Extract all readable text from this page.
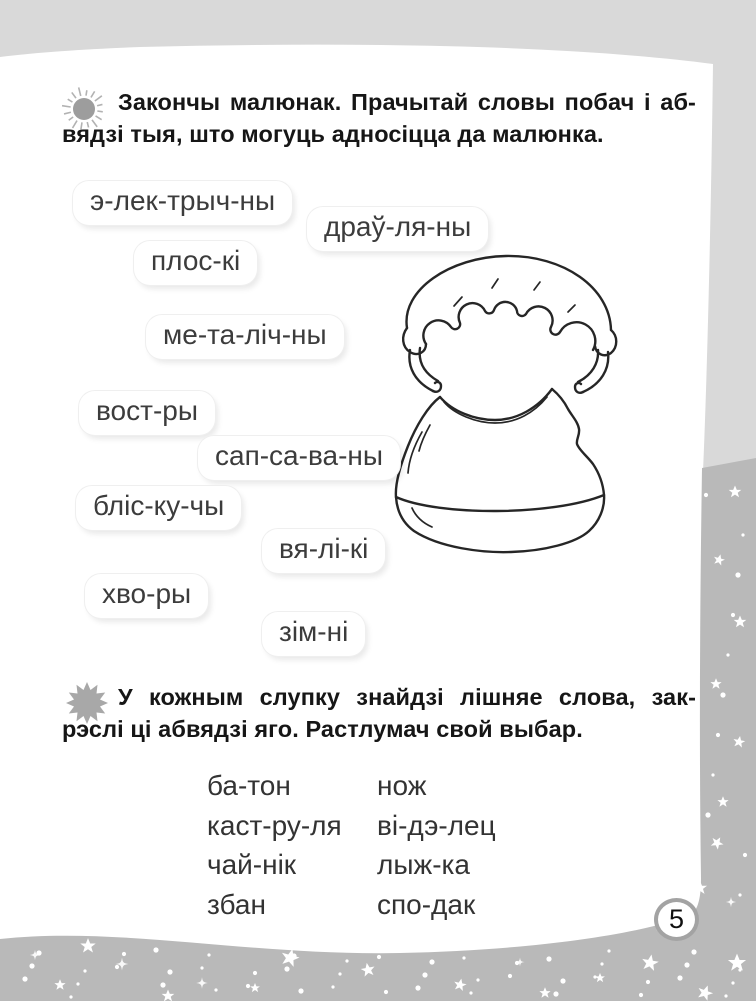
Закончы малюнак. Прачытай словы побач і аб-
вядзі тыя, што могуць адносіцца да малюнка.
э-лек-трыч-ны
драў-ля-ны
плос-кі
ме-та-ліч-ны
вост-ры
сап-са-ва-ны
бліс-ку-чы
вя-лі-кі
хво-ры
зім-ні
У кожным слупку знайдзі лішняе слова, зак-
рэслі ці абвядзі яго. Растлумач свой выбар.
ба-тон
каст-ру-ля
чай-нік
збан
нож
ві-дэ-лец
лыж-ка
спо-дак	5
